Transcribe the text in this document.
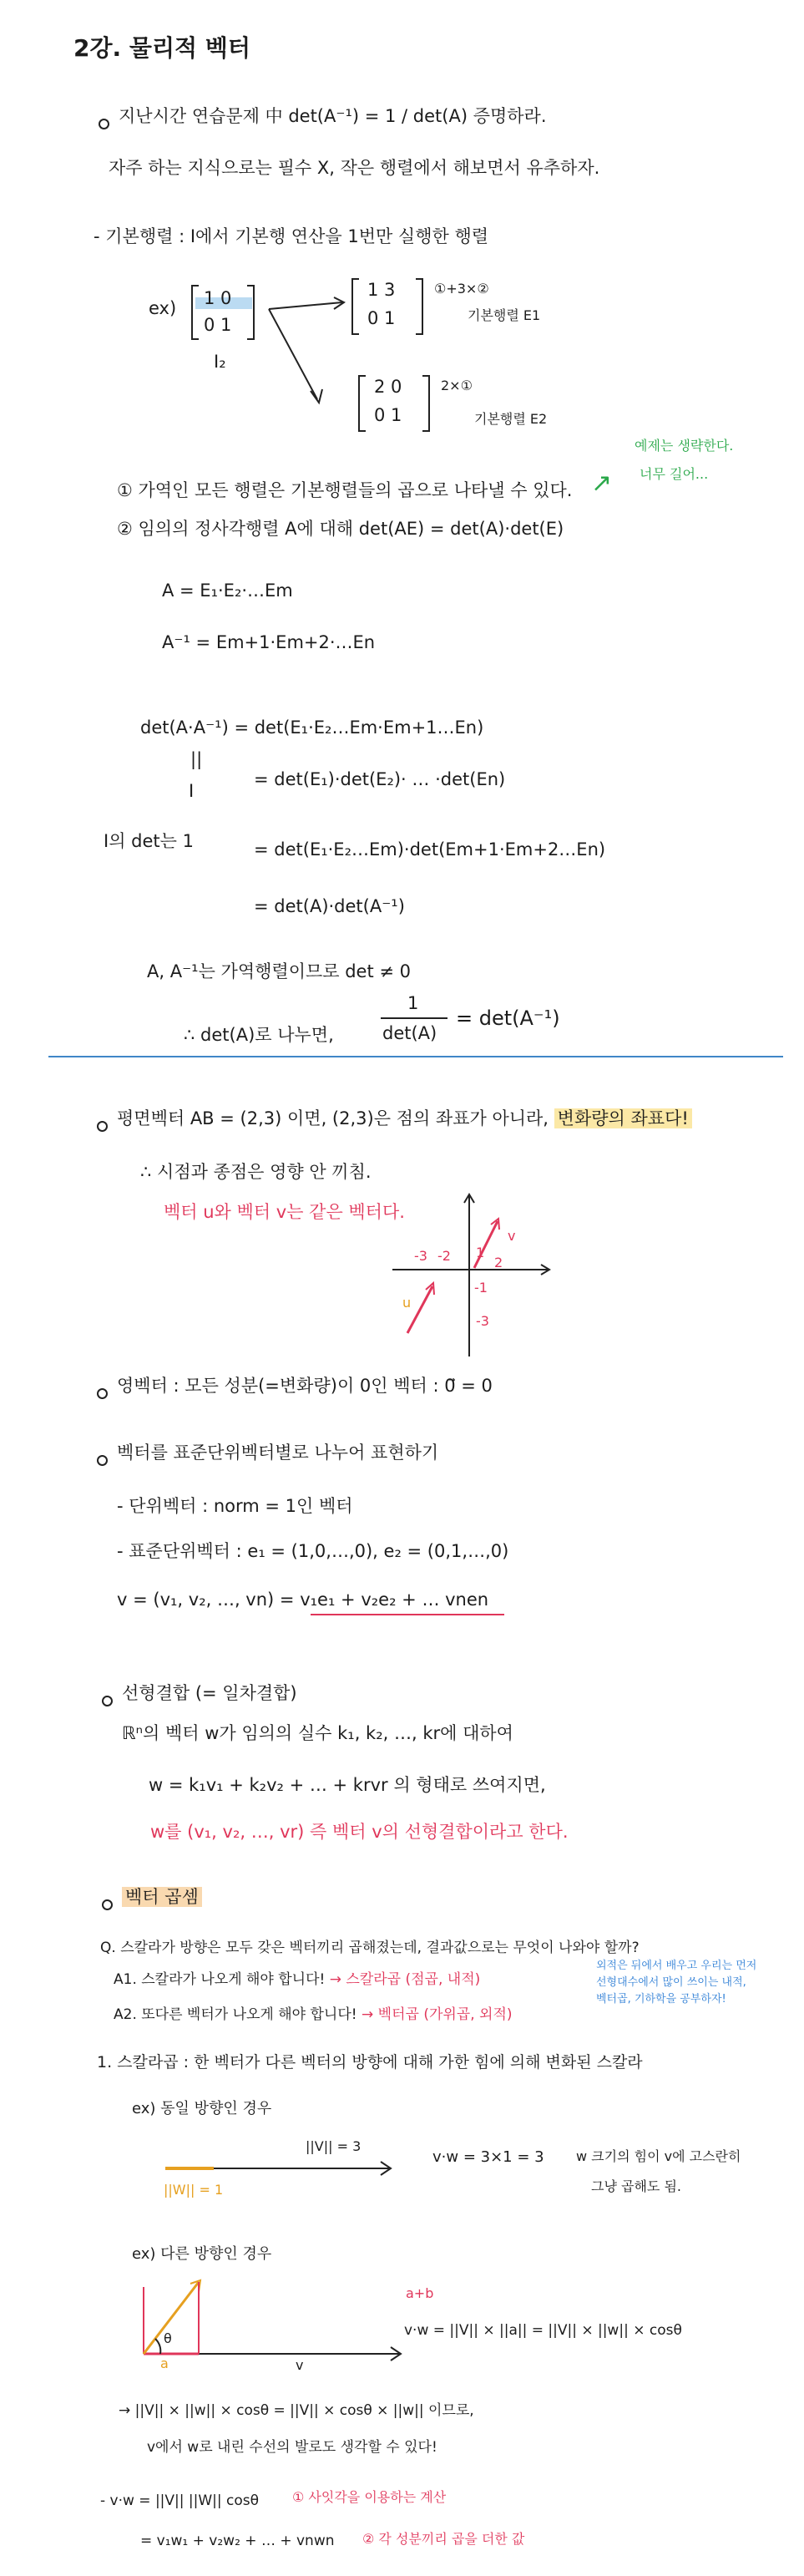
2강. 물리적 벡터
지난시간 연습문제 中 det(A⁻¹) = 1 / det(A) 증명하라.
자주 하는 지식으로는 필수 X, 작은 행렬에서 해보면서 유추하자.
- 기본행렬 : I에서 기본행 연산을 1번만 실행한 행렬
ex) 1 0
0 1
I₂
1 3
0 1
①+3×②
기본행렬 E1
2 0
0 1
2×①
기본행렬 E2
① 가역인 모든 행렬은 기본행렬들의 곱으로 나타낼 수 있다. ↗
예제는 생략한다.
너무 길어...
② 임의의 정사각행렬 A에 대해 det(AE) = det(A)·det(E)
A = E₁·E₂·…Em
A⁻¹ = Em+1·Em+2·…En
det(A·A⁻¹) = det(E₁·E₂…Em·Em+1…En)
||
I
= det(E₁)·det(E₂)· … ·det(En)
I의 det는 1	= det(E₁·E₂…Em)·det(Em+1·Em+2…En)
= det(A)·det(A⁻¹)
A, A⁻¹는 가역행렬이므로 det ≠ 0
∴ det(A)로 나누면,
1
det(A)
= det(A⁻¹)
평면벡터 AB = (2,3) 이면, (2,3)은 점의 좌표가 아니라, 변화량의 좌표다!
∴ 시점과 종점은 영향 안 끼침.
벡터 u와 벡터 v는 같은 벡터다.
-3 -2	2
1
-1
-3
u
v
영벡터 : 모든 성분(=변화량)이 0인 벡터 : 0⃗ = 0
벡터를 표준단위벡터별로 나누어 표현하기
- 단위벡터 : norm = 1인 벡터
- 표준단위벡터 : e₁ = (1,0,…,0), e₂ = (0,1,…,0)
v = (v₁, v₂, …, vn) = v₁e₁ + v₂e₂ + … vnen
선형결합 (= 일차결합)
ℝⁿ의 벡터 w가 임의의 실수 k₁, k₂, …, kr에 대하여
w = k₁v₁ + k₂v₂ + … + krvr 의 형태로 쓰여지면,
w를 (v₁, v₂, …, vr) 즉 벡터 v의 선형결합이라고 한다.
벡터 곱셈
Q. 스칼라가 방향은 모두 갖은 벡터끼리 곱해졌는데, 결과값으로는 무엇이 나와야 할까?
A1. 스칼라가 나오게 해야 합니다! → 스칼라곱 (점곱, 내적)
A2. 또다른 벡터가 나오게 해야 합니다! → 벡터곱 (가위곱, 외적)
외적은 뒤에서 배우고 우리는 먼저
선형대수에서 많이 쓰이는 내적,
벡터곱, 기하학을 공부하자!
1. 스칼라곱 : 한 벡터가 다른 벡터의 방향에 대해 가한 힘에 의해 변화된 스칼라
ex) 동일 방향인 경우
||V|| = 3
||W|| = 1
v·w = 3×1 = 3 w 크기의 힘이 v에 고스란히
그냥 곱해도 됨.
ex) 다른 방향인 경우
a
θ
v
a+b
v·w = ||V|| × ||a|| = ||V|| × ||w|| × cosθ
→ ||V|| × ||w|| × cosθ = ||V|| × cosθ × ||w|| 이므로,
v에서 w로 내린 수선의 발로도 생각할 수 있다!
- v·w = ||V|| ||W|| cosθ ① 사잇각을 이용하는 계산
= v₁w₁ + v₂w₂ + … + vnwn ② 각 성분끼리 곱을 더한 값
